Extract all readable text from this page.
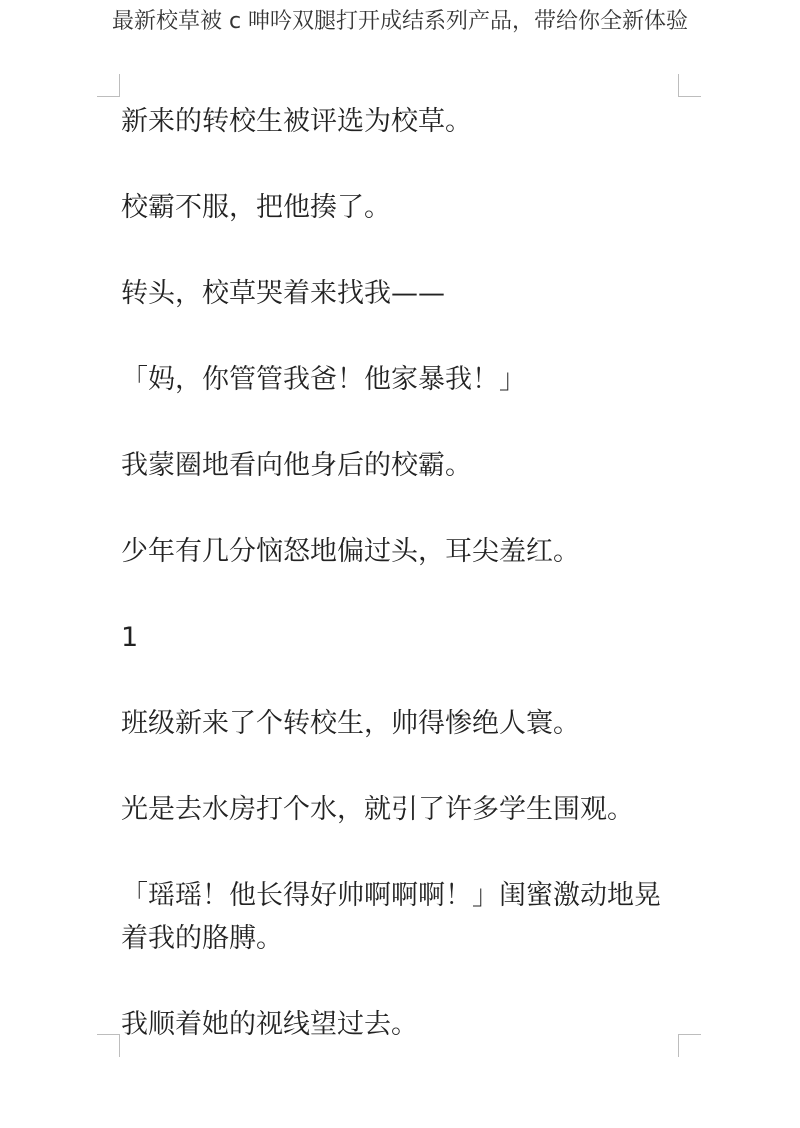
最新校草被 c 呻吟双腿打开成结系列产品，带给你全新体验

新来的转校生被评选为校草。

校霸不服，把他揍了。

转头，校草哭着来找我——

「妈，你管管我爸！他家暴我！」

我蒙圈地看向他身后的校霸。

少年有几分恼怒地偏过头，耳尖羞红。

1

班级新来了个转校生，帅得惨绝人寰。

光是去水房打个水，就引了许多学生围观。

「瑶瑶！他长得好帅啊啊啊！」闺蜜激动地晃着我的胳膊。

我顺着她的视线望过去。
